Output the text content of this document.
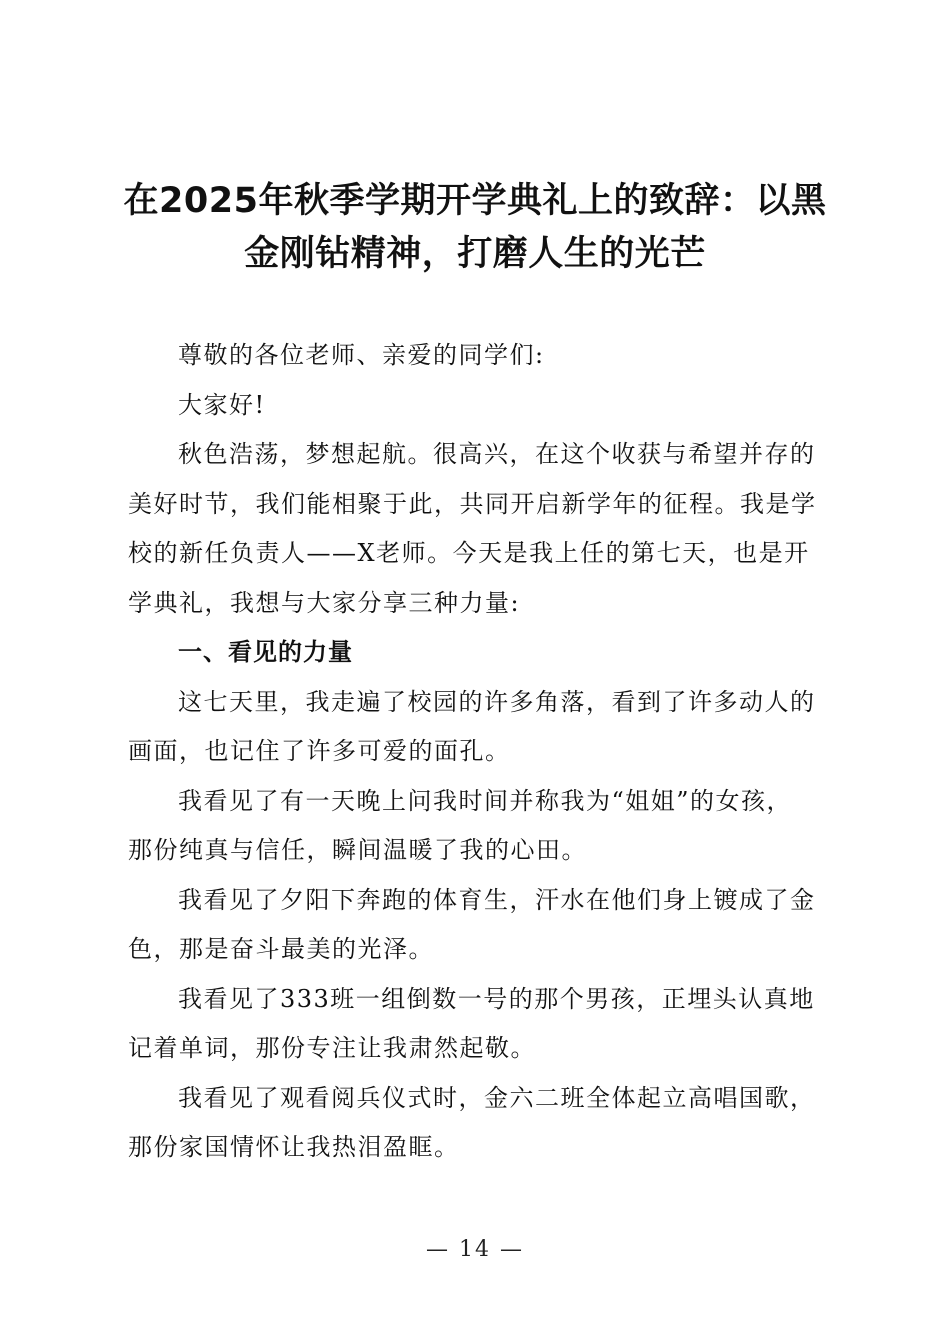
在2025年秋季学期开学典礼上的致辞：以黑
金刚钻精神，打磨人生的光芒

尊敬的各位老师、亲爱的同学们:

大家好!

秋色浩荡，梦想起航。很高兴，在这个收获与希望并存的
美好时节，我们能相聚于此，共同开启新学年的征程。我是学
校的新任负责人——X老师。今天是我上任的第七天，也是开
学典礼，我想与大家分享三种力量:

一、看见的力量

这七天里，我走遍了校园的许多角落，看到了许多动人的
画面，也记住了许多可爱的面孔。

我看见了有一天晚上问我时间并称我为“姐姐”的女孩，
那份纯真与信任，瞬间温暖了我的心田。

我看见了夕阳下奔跑的体育生，汗水在他们身上镀成了金
色，那是奋斗最美的光泽。

我看见了333班一组倒数一号的那个男孩，正埋头认真地
记着单词，那份专注让我肃然起敬。

我看见了观看阅兵仪式时，金六二班全体起立高唱国歌，
那份家国情怀让我热泪盈眶。

— 14 —
